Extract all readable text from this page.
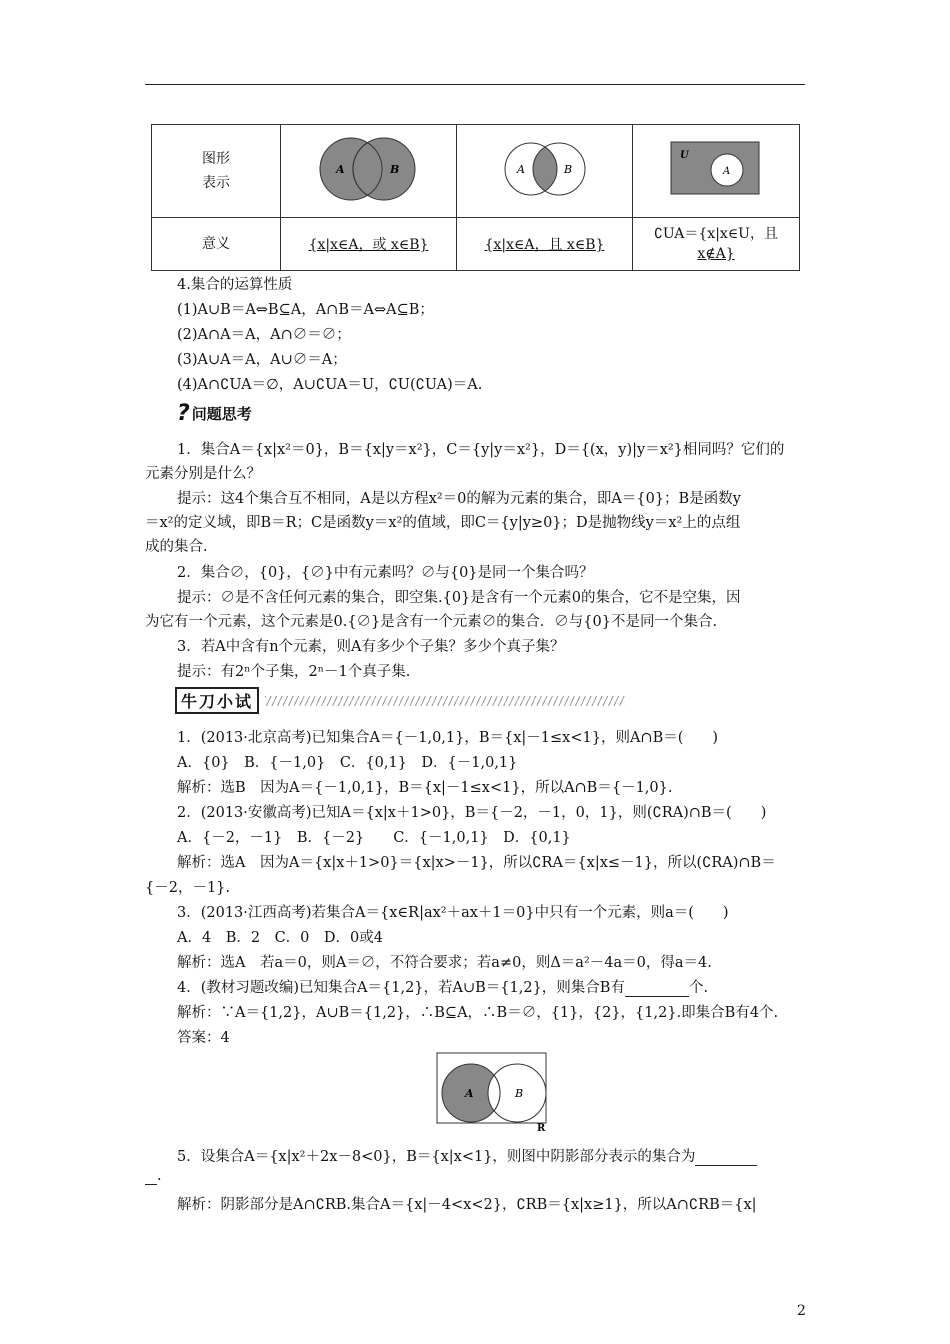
图形
表示	A B	A B	U
A

意义	{x|x∈A，或 x∈B}	{x|x∈A，且 x∈B}	∁UA＝{x|x∈U，且
x∉A}
4.集合的运算性质
(1)A∪B＝A⇔B⊆A，A∩B＝A⇔A⊆B；
(2)A∩A＝A，A∩∅＝∅；
(3)A∪A＝A，A∪∅＝A；
(4)A∩∁UA＝∅，A∪∁UA＝U，∁U(∁UA)＝A.
? 问题思考
1．集合A＝{x|x²＝0}，B＝{x|y＝x²}，C＝{y|y＝x²}，D＝{(x，y)|y＝x²}相同吗？它们的
元素分别是什么？
提示：这4个集合互不相同，A是以方程x²＝0的解为元素的集合，即A＝{0}；B是函数y
＝x²的定义域，即B＝R；C是函数y＝x²的值域，即C＝{y|y≥0}；D是抛物线y＝x²上的点组
成的集合.
2．集合∅，{0}，{∅}中有元素吗？∅与{0}是同一个集合吗？
提示：∅是不含任何元素的集合，即空集.{0}是含有一个元素0的集合，它不是空集，因
为它有一个元素，这个元素是0.{∅}是含有一个元素∅的集合．∅与{0}不是同一个集合.
3．若A中含有n个元素，则A有多少个子集？多少个真子集？
提示：有2ⁿ个子集，2ⁿ－1个真子集.
牛刀小试
1．(2013·北京高考)已知集合A＝{－1,0,1}，B＝{x|－1≤x<1}，则A∩B＝(　　)
A．{0}　B．{－1,0}　C．{0,1}　D．{－1,0,1}
解析：选B　因为A＝{－1,0,1}，B＝{x|－1≤x<1}，所以A∩B＝{－1,0}.
2．(2013·安徽高考)已知A＝{x|x＋1>0}，B＝{－2，－1，0，1}，则(∁RA)∩B＝(　　)
A．{－2，－1}　B．{－2}　　C．{－1,0,1}　D．{0,1}
解析：选A　因为A＝{x|x＋1>0}＝{x|x>－1}，所以∁RA＝{x|x≤－1}，所以(∁RA)∩B＝
{－2，－1}.
3．(2013·江西高考)若集合A＝{x∈R|ax²＋ax＋1＝0}中只有一个元素，则a＝(　　)
A．4　B．2　C．0　D．0或4
解析：选A　若a＝0，则A＝∅，不符合要求；若a≠0，则Δ＝a²－4a＝0，得a＝4.
4．(教材习题改编)已知集合A＝{1,2}，若A∪B＝{1,2}，则集合B有	个.
解析：∵A＝{1,2}，A∪B＝{1,2}，∴B⊆A，∴B＝∅，{1}，{2}，{1,2}.即集合B有4个.
答案：4
A	B
R
5．设集合A＝{x|x²＋2x－8<0}，B＝{x|x<1}，则图中阴影部分表示的集合为
.
解析：阴影部分是A∩∁RB.集合A＝{x|－4<x<2}，∁RB＝{x|x≥1}，所以A∩∁RB＝{x|
2
